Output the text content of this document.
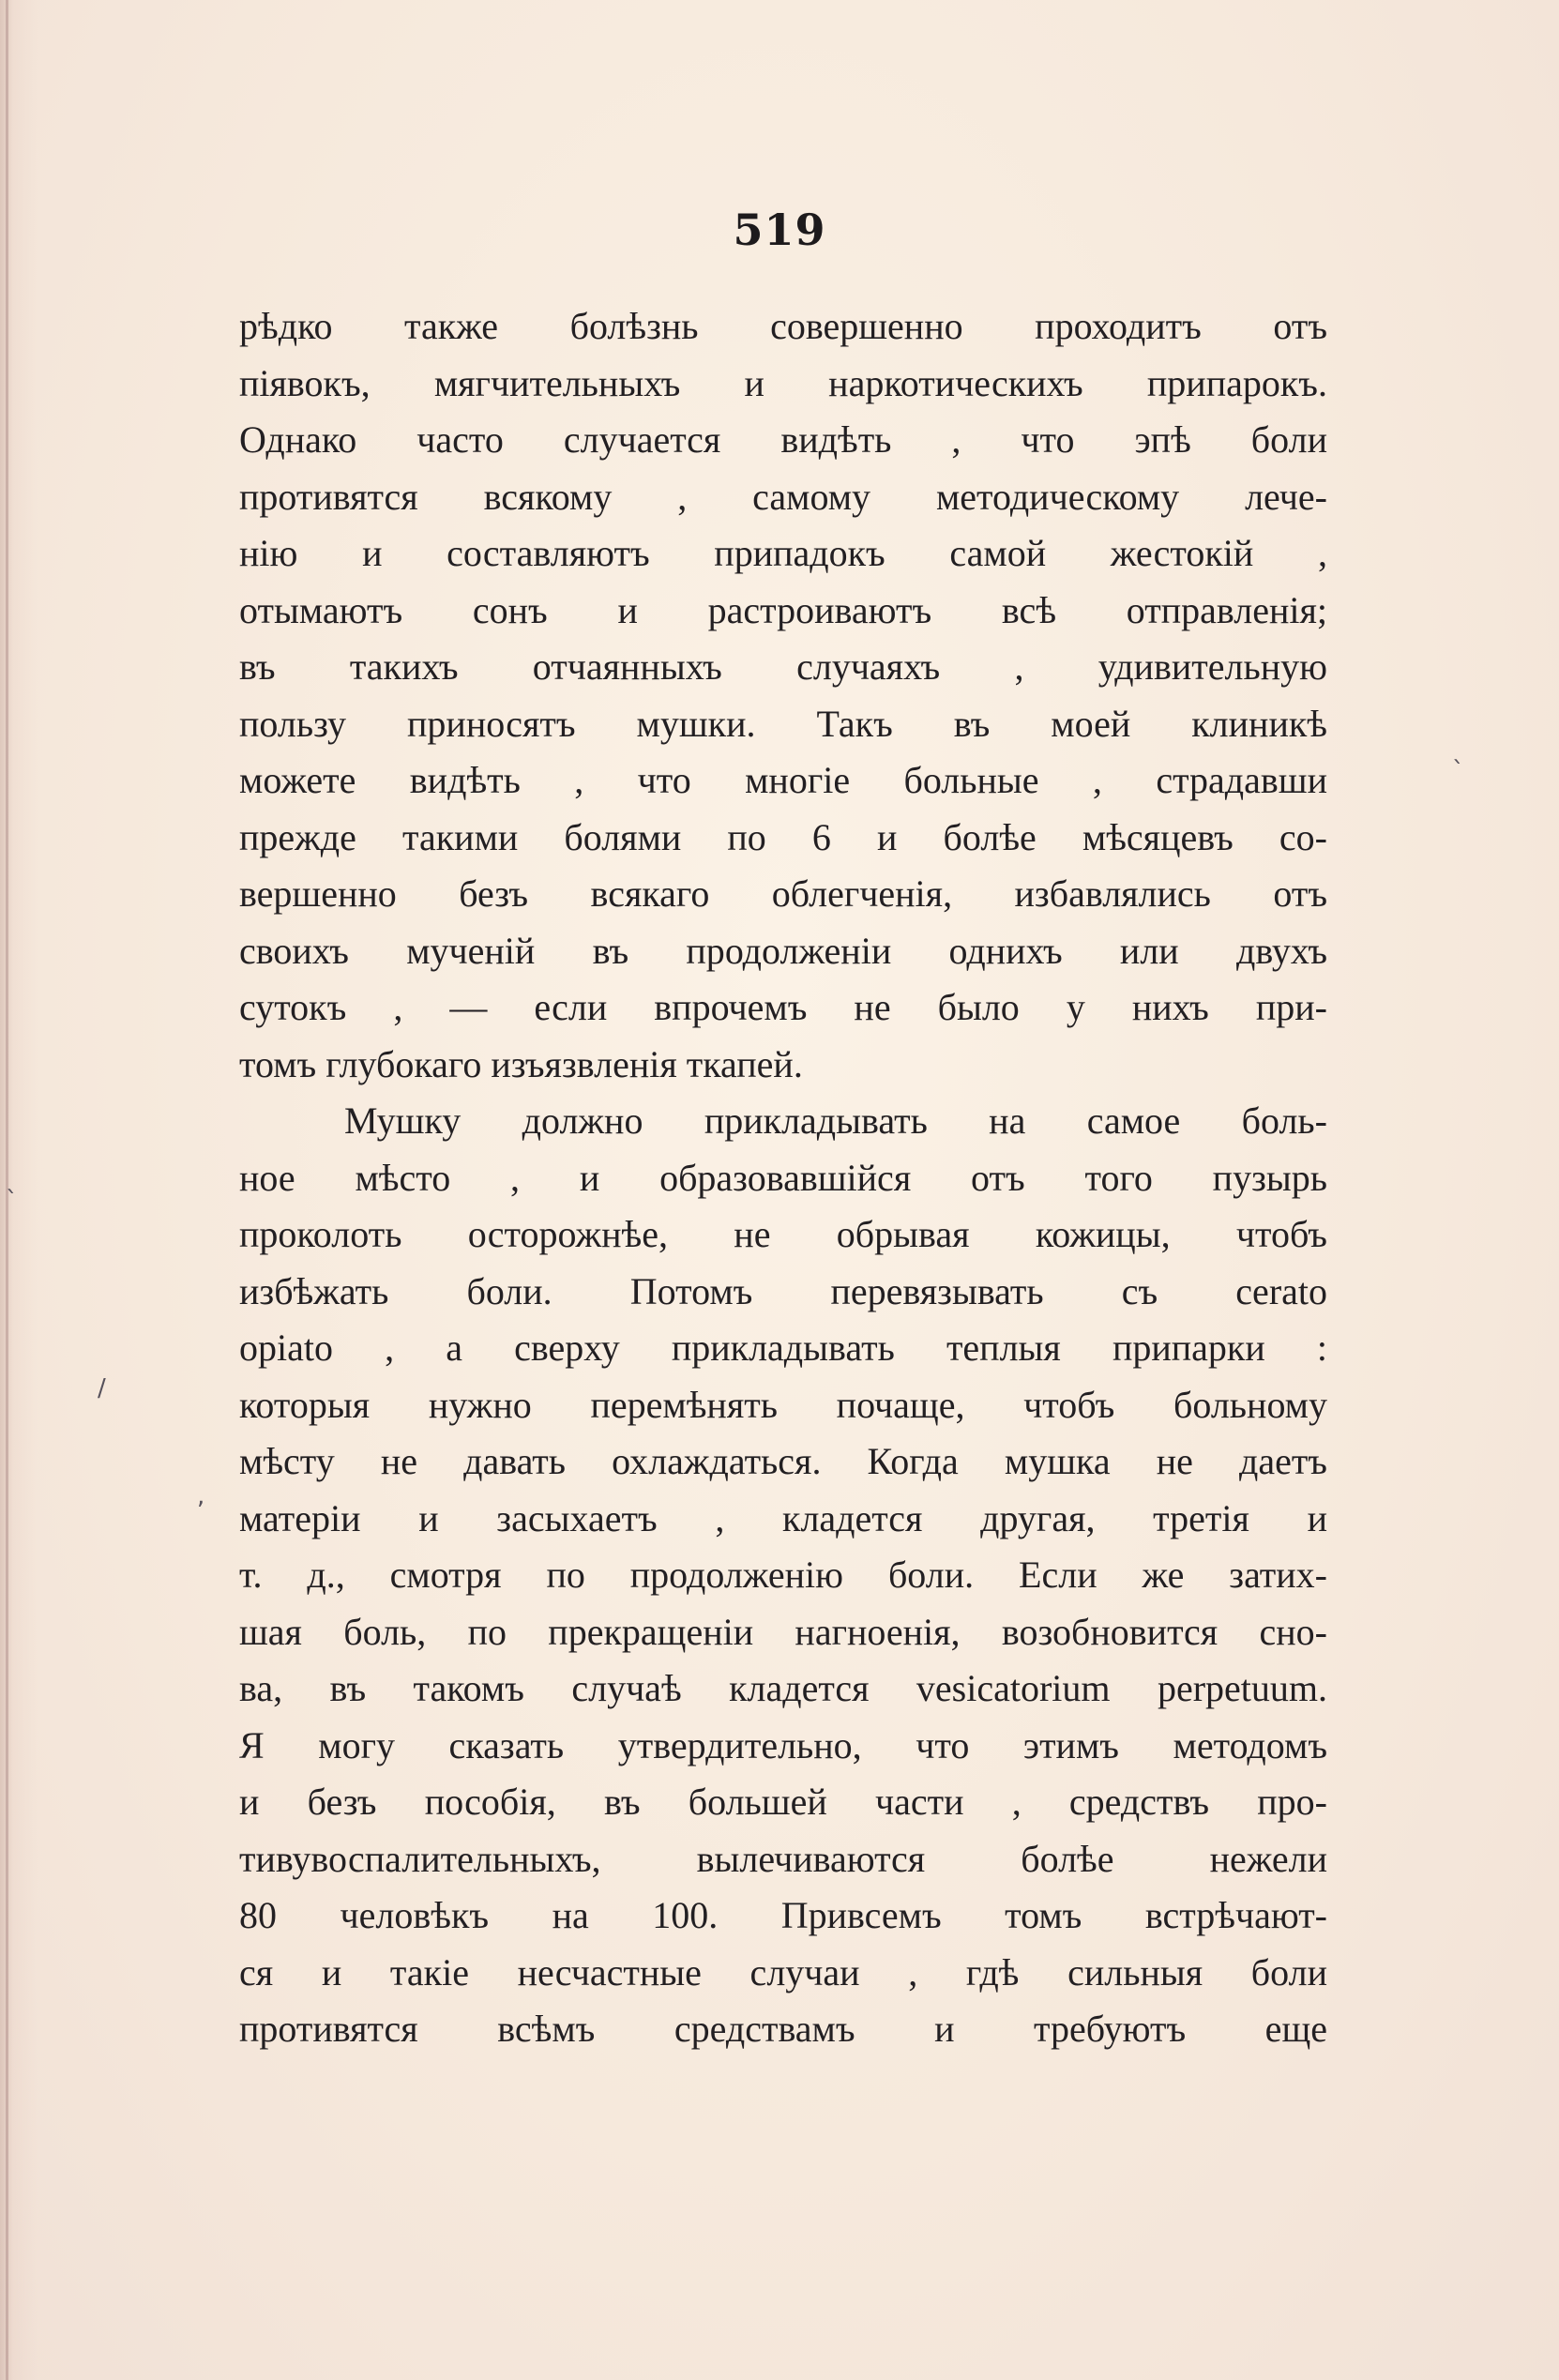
519
рѣдко также болѣзнь совершенно проходитъ отъ
пiявокъ, мягчительныхъ и наркотическихъ припарокъ.
Однако часто случается видѣть , что эпѣ боли
противятся всякому , самому методическому лече-
нiю и составляютъ припадокъ самой жестокiй ,
отымаютъ сонъ и растроиваютъ всѣ отправленiя;
въ такихъ отчаянныхъ случаяхъ , удивительную
пользу приносятъ мушки. Такъ въ моей клиникѣ
можете видѣть , что многiе больные , страдавши
прежде такими болями по 6 и болѣе мѣсяцевъ со-
вершенно безъ всякаго облегченiя, избавлялись отъ
своихъ мученiй въ продолженiи однихъ или двухъ
сутокъ , — если впрочемъ не было у нихъ при-
томъ глубокаго изъязвленiя ткапей.
Мушку должно прикладывать на самое боль-
ное мѣсто , и образовавшiйся отъ того пузырь
проколоть осторожнѣе, не обрывая кожицы, чтобъ
избѣжать боли. Потомъ перевязывать съ cerato
opiato , а сверху прикладывать теплыя припарки :
которыя нужно перемѣнять почаще, чтобъ больному
мѣсту не давать охлаждаться. Когда мушка не даетъ
матерiи и засыхаетъ , кладется другая, третiя и
т. д., смотря по продолженiю боли. Если же затих-
шая боль, по прекращенiи нагноенiя, возобновится сно-
ва, въ такомъ случаѣ кладется vesicatorium perpetuum.
Я могу сказать утвердительно, что этимъ методомъ
и безъ пособiя, въ большей части , средствъ про-
тивувоспалительныхъ, вылечиваются болѣе нежели
80 человѣкъ на 100. Привсемъ томъ встрѣчают-
ся и такiе несчастные случаи , гдѣ сильныя боли
противятся всѣмъ средствамъ и требуютъ еще
ˎ
ˋ
/
,
